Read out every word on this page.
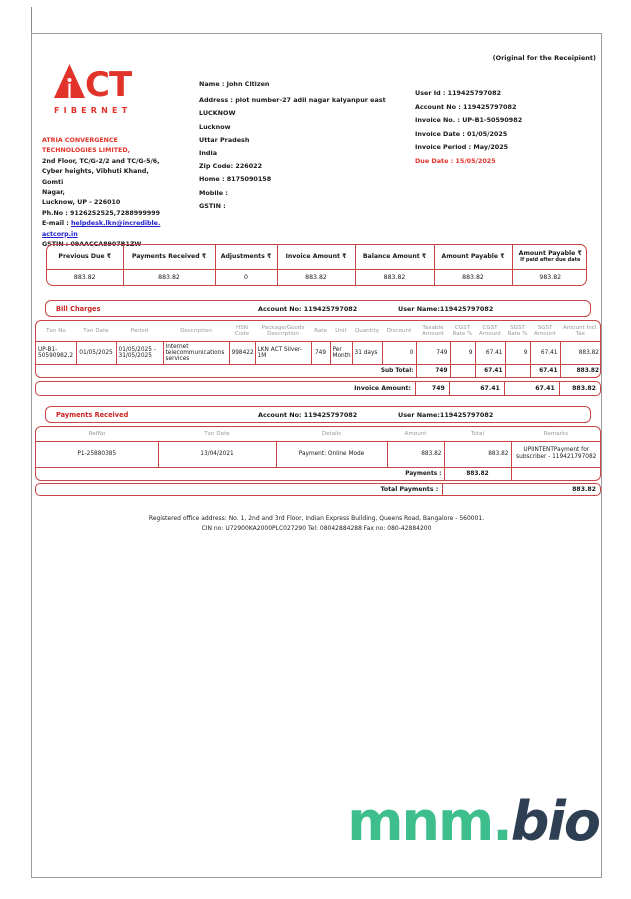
(Original for the Receipient)
CT
FIBERNET
ATRIA CONVERGENCE
TECHNOLOGIES LIMITED,
2nd Floor, TC/G-2/2 and TC/G-5/6,
Cyber heights, Vibhuti Khand, Gomti
Nagar,
Lucknow, UP - 226010
Ph.No : 9126252525,7288999999
E-mail : helpdesk.lkn@incredible.
actcorp.in
GSTIN : 09AACCA8907B1ZW
Name : John Citizen
Address : plot number-27 adil nagar kalyanpur east LUCKNOW
Lucknow
Uttar Pradesh
India
Zip Code: 226022
Home : 8175090158
Mobile :
GSTIN :
User Id : 119425797082
Account No : 119425797082
Invoice No. : UP-B1-50590982
Invoice Date : 01/05/2025
Invoice Period : May/2025
Due Date : 15/05/2025
Previous Due ₹	Payments Received ₹	Adjustments ₹	Invoice Amount ₹	Balance Amount ₹	Amount Payable ₹	Amount Payable ₹
If paid after due date

883.82	883.82	0	883.82	883.82	883.82	983.82
Bill Charges	Account No: 119425797082	User Name:119425797082
Txn No	Txn Date	Period	Description	HSN Code	Package/Goods Description	Rate	Unit	Quantity	Discount	Taxable Amount	CGST Rate %	CGST Amount	SGST Rate %	SGST Amount	Amount Incl. Tax
UP-B1-50590982,2	01/05/2025	01/05/2025 - 31/05/2025	Internet telecommunications services	998422	LKN ACT Silver-1M	749	Per Month	31 days	0	749	9	67.41	9	67.41	883.82
Sub Total:										749		67.41		67.41	883.82
Invoice Amount:	749	67.41	67.41	883.82
Payments Received	Account No: 119425797082	User Name:119425797082
RefNo	Txn Date	Details	Amount	Total	Remarks
P1-25880385	13/04/2021	Payment: Online Mode	883.82	883.82	UPIINTENTPayment for subscriber - 119421797082
Payments :				883.82	
Total Payments :	883.82
Registered office address: No. 1, 2nd and 3rd Floor, Indian Express Building, Queens Road, Bangalore - 560001.
CIN no: U72900KA2000PLC027290 Tel: 08042884288 Fax no: 080-42884200
mnm.bio
